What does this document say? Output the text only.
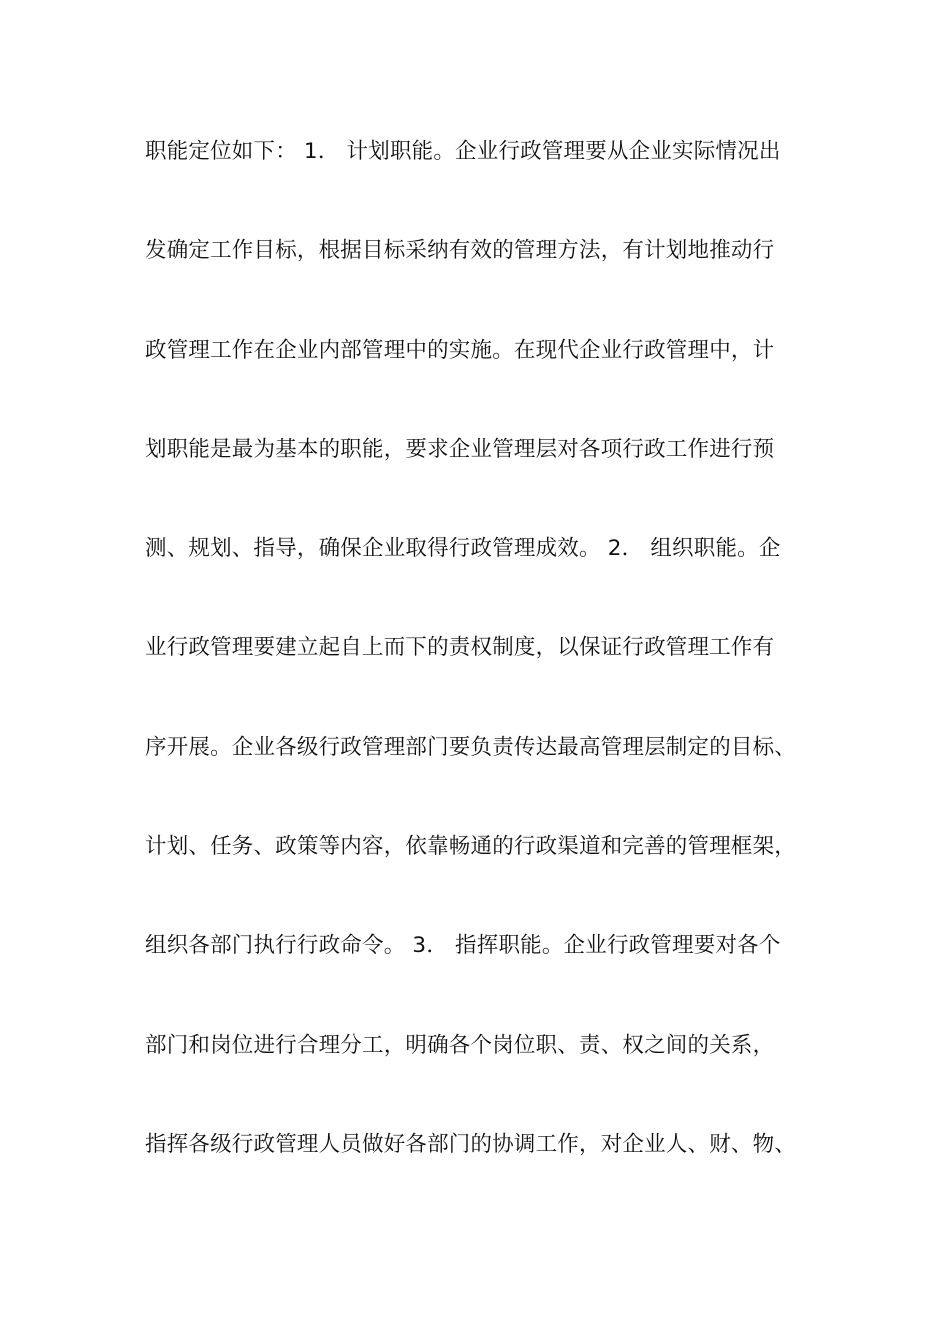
职能定位如下： 1． 计划职能。企业行政管理要从企业实际情况出
发确定工作目标，根据目标采纳有效的管理方法，有计划地推动行
政管理工作在企业内部管理中的实施。在现代企业行政管理中，计
划职能是最为基本的职能，要求企业管理层对各项行政工作进行预
测、规划、指导，确保企业取得行政管理成效。 2． 组织职能。企
业行政管理要建立起自上而下的责权制度，以保证行政管理工作有
序开展。企业各级行政管理部门要负责传达最高管理层制定的目标、
计划、任务、政策等内容，依靠畅通的行政渠道和完善的管理框架，
组织各部门执行行政命令。 3． 指挥职能。企业行政管理要对各个
部门和岗位进行合理分工，明确各个岗位职、责、权之间的关系，
指挥各级行政管理人员做好各部门的协调工作，对企业人、财、物、
